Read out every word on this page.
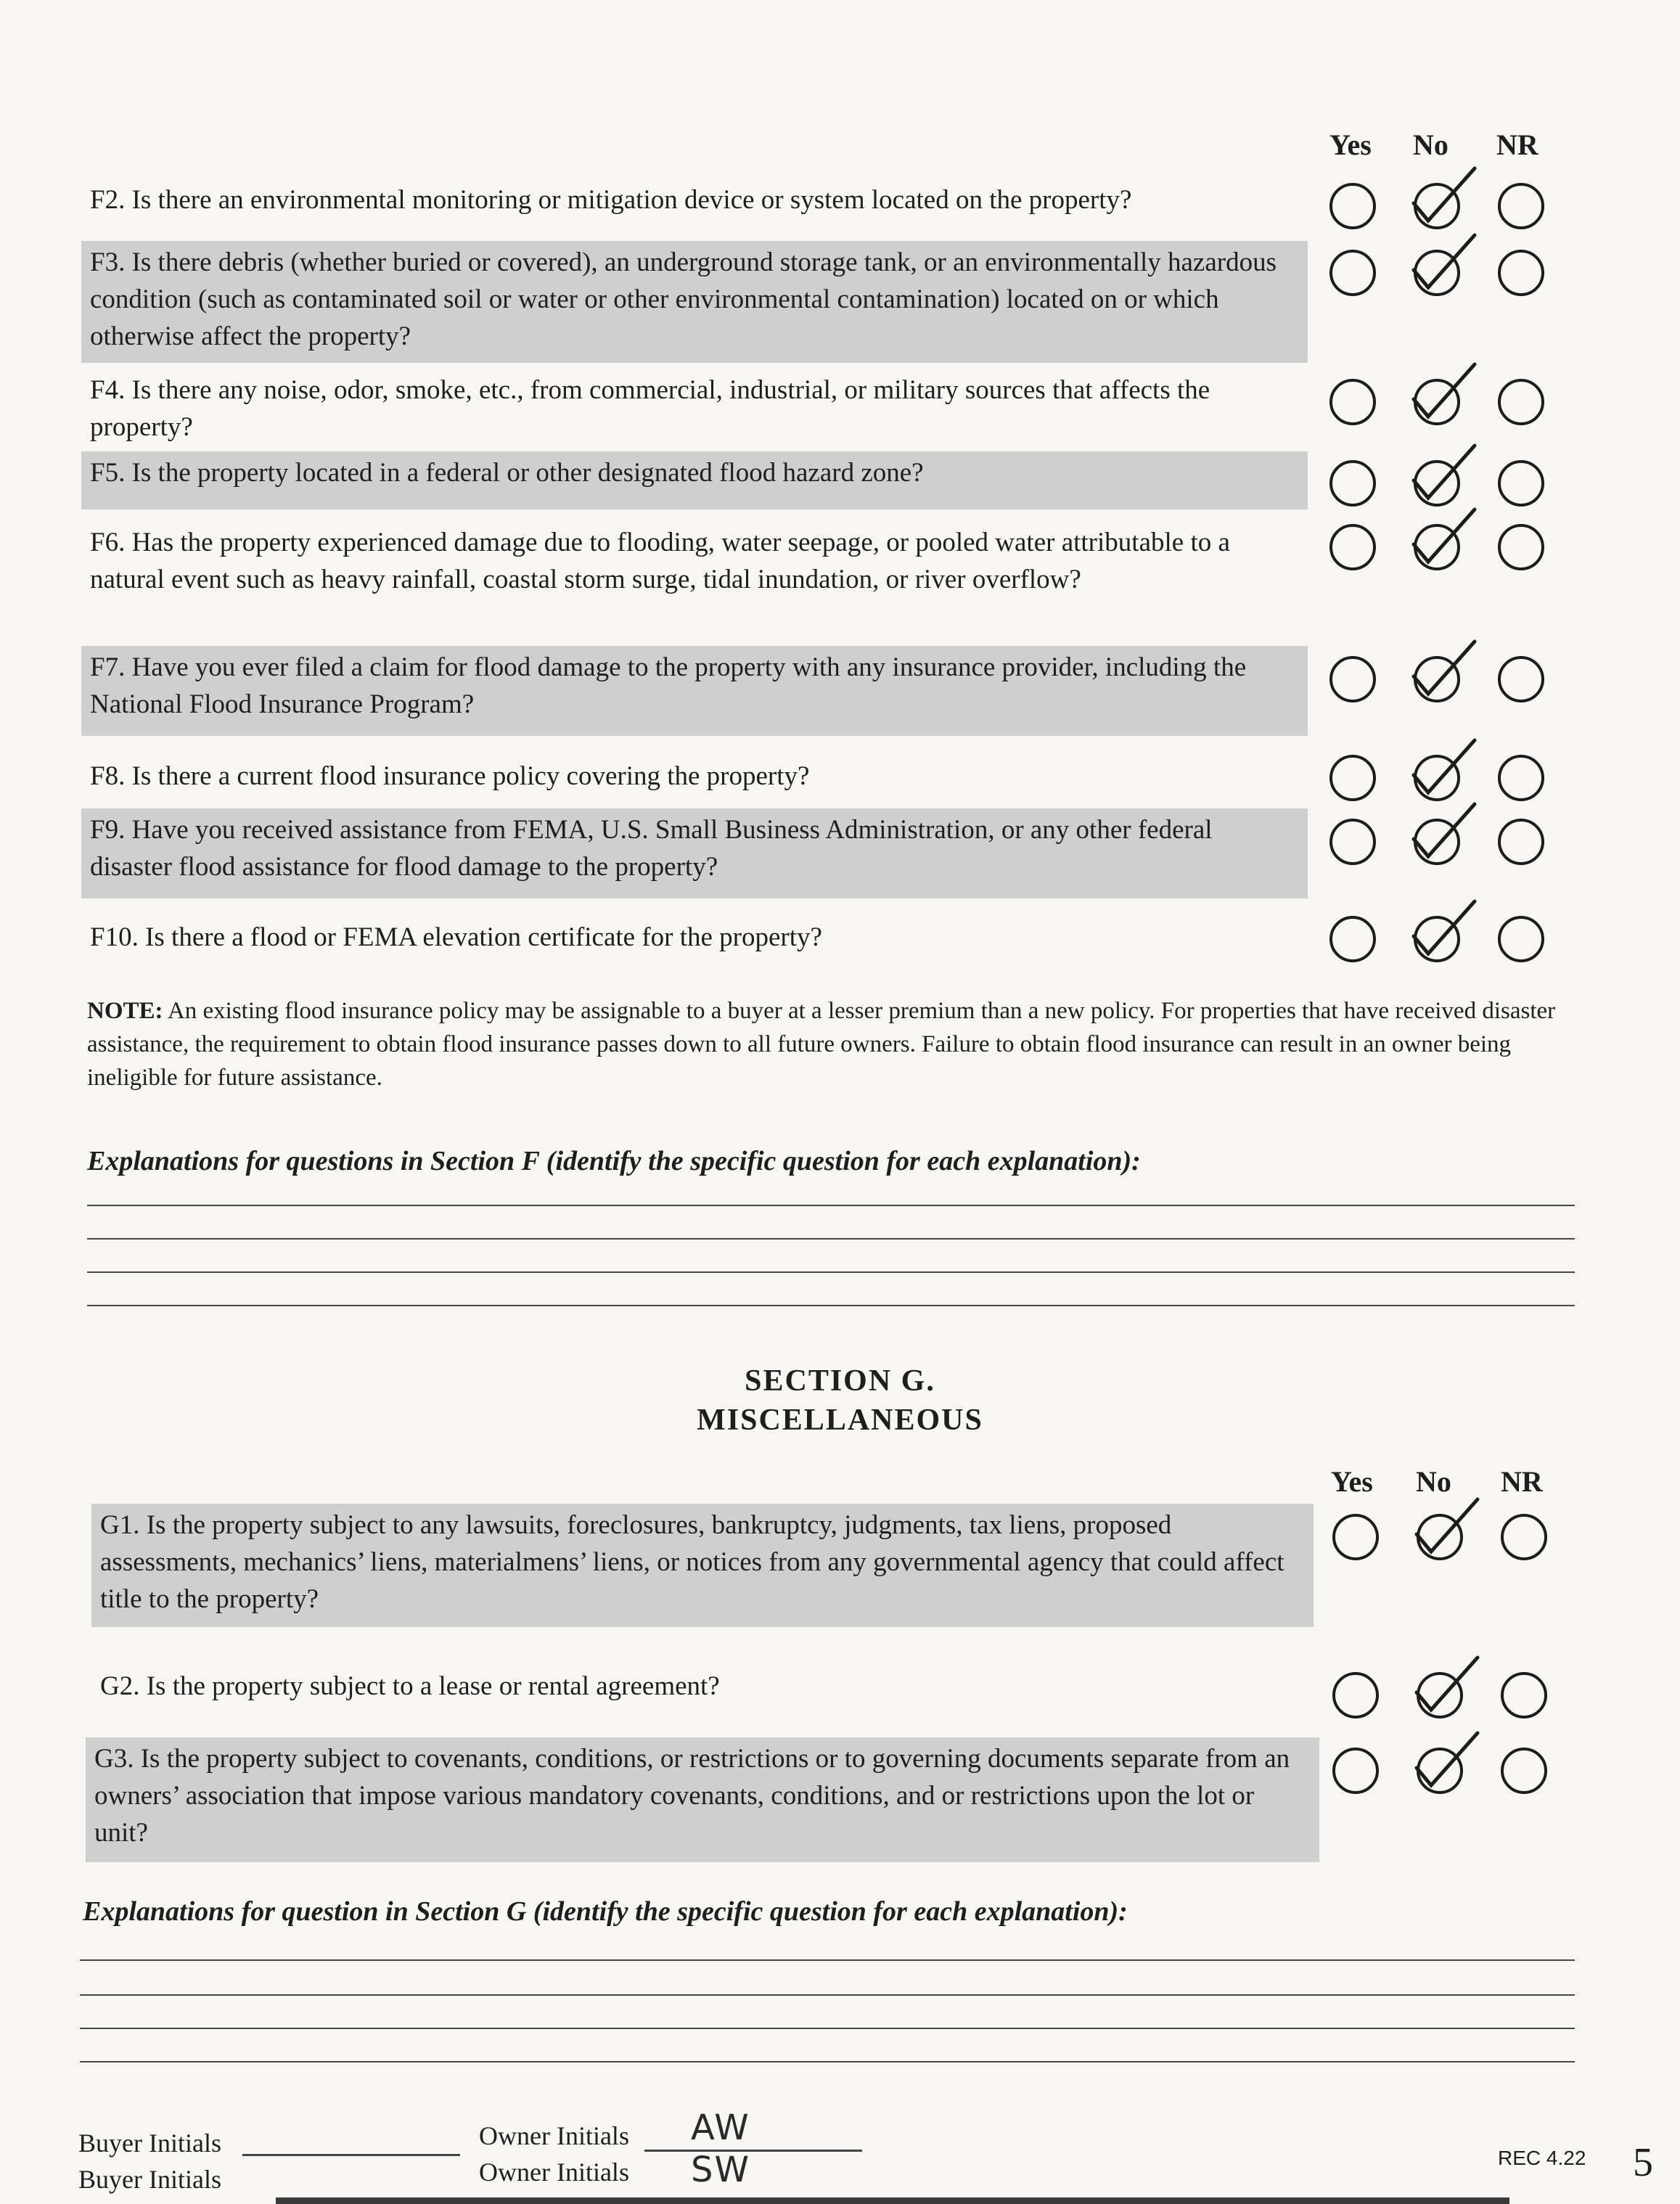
Yes No NR
F2. Is there an environmental monitoring or mitigation device or system located on the property?
F3. Is there debris (whether buried or covered), an underground storage tank, or an environmentally hazardous condition (such as contaminated soil or water or other environmental contamination) located on or which otherwise affect the property?
F4. Is there any noise, odor, smoke, etc., from commercial, industrial, or military sources that affects the property?
F5. Is the property located in a federal or other designated flood hazard zone?
F6. Has the property experienced damage due to flooding, water seepage, or pooled water attributable to a natural event such as heavy rainfall, coastal storm surge, tidal inundation, or river overflow?
F7. Have you ever filed a claim for flood damage to the property with any insurance provider, including the National Flood Insurance Program?
F8. Is there a current flood insurance policy covering the property?
F9. Have you received assistance from FEMA, U.S. Small Business Administration, or any other federal disaster flood assistance for flood damage to the property?
F10. Is there a flood or FEMA elevation certificate for the property?
NOTE: An existing flood insurance policy may be assignable to a buyer at a lesser premium than a new policy. For properties that have received disaster assistance, the requirement to obtain flood insurance passes down to all future owners. Failure to obtain flood insurance can result in an owner being ineligible for future assistance.
Explanations for questions in Section F (identify the specific question for each explanation):
SECTION G.
MISCELLANEOUS
Yes No NR
G1. Is the property subject to any lawsuits, foreclosures, bankruptcy, judgments, tax liens, proposed assessments, mechanics’ liens, materialmens’ liens, or notices from any governmental agency that could affect title to the property?
G2. Is the property subject to a lease or rental agreement?
G3. Is the property subject to covenants, conditions, or restrictions or to governing documents separate from an owners’ association that impose various mandatory covenants, conditions, and or restrictions upon the lot or unit?
Explanations for question in Section G (identify the specific question for each explanation):
Buyer Initials
Buyer Initials
Owner Initials AW
Owner Initials SW	REC 4.22 5
